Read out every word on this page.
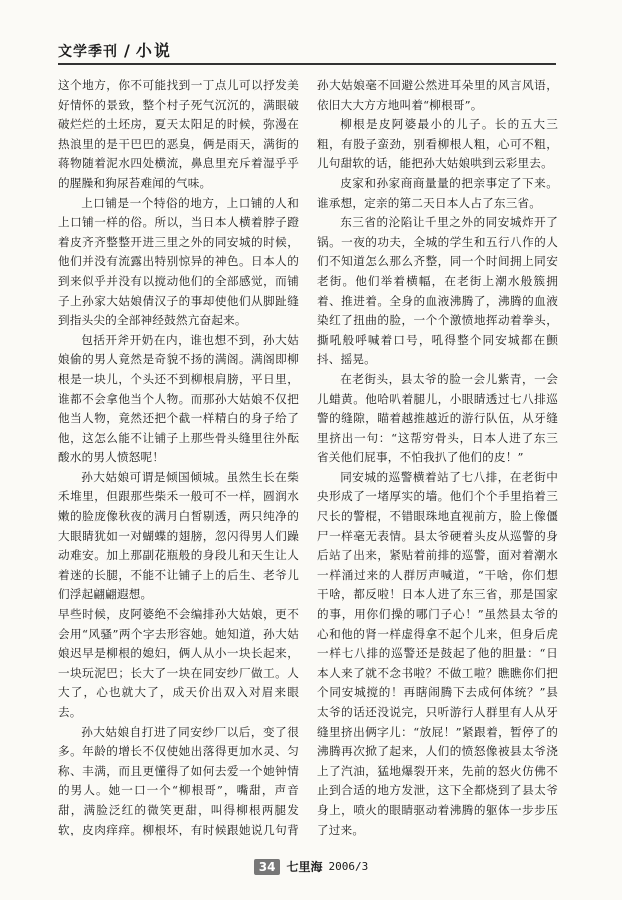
文学季刊 / 小说

这个地方，你不可能找到一丁点儿可以抒发美好情怀的景致，整个村子死气沉沉的，满眼破破烂烂的土坯房，夏天太阳足的时候，弥漫在热浪里的是干巴巴的恶臭，俩是雨天，满街的蒋物随着泥水四处横流，鼻息里充斥着湿乎乎的腥臊和狗尿苔难闻的气味。

上口铺是一个特俗的地方，上口铺的人和上口铺一样的俗。所以，当日本人横着脖子蹬着皮齐齐整整开进三里之外的同安城的时候，他们并没有流露出特别惊异的神色。日本人的到来似乎并没有以搅动他们的全部感觉，而铺子上孙家大姑娘倩汉子的事却使他们从脚趾缝到指头尖的全部神经鼓然亢奋起来。

包括开斧开奶在内，谁也想不到，孙大姑娘偷的男人竟然是奇貌不扬的满阁。满阁即柳根是一块儿，个头还不到柳根肩膀，平日里，谁都不会拿他当个人物。而那孙大姑娘不仅把他当人物，竟然还把个截一样精白的身子给了他，这怎么能不让铺子上那些骨头缝里往外酝酸水的男人愤怒呢！

孙大姑娘可谓是倾国倾城。虽然生长在柴禾堆里，但跟那些柴禾一般可不一样，圆润水嫩的脸庞像秋夜的满月白皙剔透，两只纯净的大眼睛犹如一对蝴蝶的翅膀，忽闪得男人们躁动难安。加上那副花瓶般的身段儿和天生让人着迷的长腿，不能不让铺子上的后生、老爷儿们浮起翩翩遐想。

早些时候，皮阿婆绝不会编排孙大姑娘，更不会用“风骚”两个字去形容她。她知道，孙大姑娘迟早是柳根的媳妇，俩人从小一块长起来，一块玩泥巴；长大了一块在同安纱厂做工。人大了，心也就大了，成天价出双入对眉来眼去。

孙大姑娘自打进了同安纱厂以后，变了很多。年龄的增长不仅使她出落得更加水灵、匀称、丰满，而且更懂得了如何去爱一个她钟情的男人。她一口一个“柳根哥”，嘴甜，声音甜，满脸泛红的微笑更甜，叫得柳根两腿发软，皮肉痒痒。柳根坏，有时候跟她说几句背

孙大姑娘毫不回避公然进耳朵里的风言风语，依旧大大方方地叫着“柳根哥”。

柳根是皮阿婆最小的儿子。长的五大三粗，有股子蛮劲，别看柳根人粗，心可不粗，儿句甜软的话，能把孙大姑娘哄到云彩里去。

皮家和孙家商商量量的把亲事定了下来。谁承想，定亲的第二天日本人占了东三省。

东三省的沦陷让千里之外的同安城炸开了锅。一夜的功夫，全城的学生和五行八作的人们不知道怎么那么齐整，同一个时间拥上同安老街。他们举着横幅，在老街上潮水般簇拥着、推进着。全身的血液沸腾了，沸腾的血液染红了扭曲的脸，一个个激愤地挥动着拳头，撕吼般呼喊着口号，吼得整个同安城都在颤抖、摇晃。

在老街头，县太爷的脸一会儿紫青，一会儿蜡黄。他哈叭着腿儿，小眼睛透过七八排巡警的缝隙，瞄着越推越近的游行队伍，从牙缝里挤出一句：“这帮穷骨头，日本人进了东三省关他们屁事，不怕我扒了他们的皮！”

同安城的巡警横着站了七八排，在老街中央形成了一堵厚实的墙。他们个个手里掐着三尺长的警棍，不错眼珠地直视前方，脸上像僵尸一样毫无表情。县太爷硬着头皮从巡警的身后站了出来，紧贴着前排的巡警，面对着潮水一样涌过来的人群厉声喊道，“干啥，你们想干啥，都反啦！日本人进了东三省，那是国家的事，用你们操的哪门子心！”虽然县太爷的心和他的肾一样虚得拿不起个儿来，但身后虎一样七八排的巡警还是鼓起了他的胆量：“日本人来了就不念书啦？不做工啦？瞧瞧你们把个同安城搅的！再瞎闹腾下去成何体统？”县太爷的话还没说完，只听游行人群里有人从牙缝里挤出俩字儿：“放屁！”紧跟着，暂停了的沸腾再次掀了起来，人们的愤怒像被县太爷浇上了汽油，猛地爆裂开来，先前的怒火仿佛不止到合适的地方发泄，这下全都烧到了县太爷身上，喷火的眼睛驱动着沸腾的躯体一步步压了过来。

34 七里海 2006/3
